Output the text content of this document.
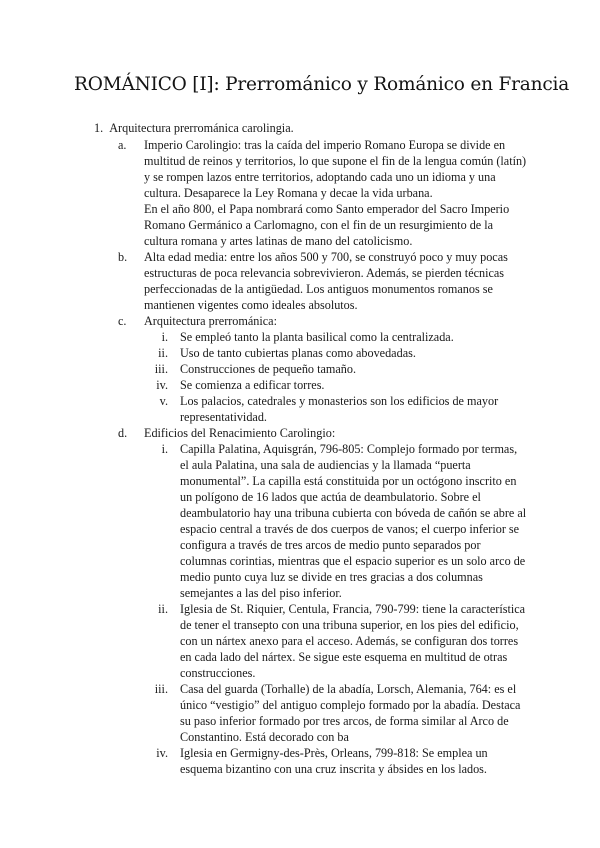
ROMÁNICO [I]: Prerrománico y Románico en Francia
1. Arquitectura prerrománica carolingia.
a. Imperio Carolingio: tras la caída del imperio Romano Europa se divide en multitud de reinos y territorios, lo que supone el fin de la lengua común (latín) y se rompen lazos entre territorios, adoptando cada uno un idioma y una cultura. Desaparece la Ley Romana y decae la vida urbana.

En el año 800, el Papa nombrará como Santo emperador del Sacro Imperio Romano Germánico a Carlomagno, con el fin de un resurgimiento de la cultura romana y artes latinas de mano del catolicismo.

b. Alta edad media: entre los años 500 y 700, se construyó poco y muy pocas estructuras de poca relevancia sobrevivieron. Además, se pierden técnicas perfeccionadas de la antigüedad. Los antiguos monumentos romanos se mantienen vigentes como ideales absolutos.
c. Arquitectura prerrománica:
i. Se empleó tanto la planta basilical como la centralizada.
ii. Uso de tanto cubiertas planas como abovedadas.
iii. Construcciones de pequeño tamaño.
iv. Se comienza a edificar torres.
v. Los palacios, catedrales y monasterios son los edificios de mayor representatividad.
d. Edificios del Renacimiento Carolingio:
i. Capilla Palatina, Aquisgrán, 796-805: Complejo formado por termas, el aula Palatina, una sala de audiencias y la llamada “puerta monumental”. La capilla está constituida por un octógono inscrito en un polígono de 16 lados que actúa de deambulatorio. Sobre el deambulatorio hay una tribuna cubierta con bóveda de cañón se abre al espacio central a través de dos cuerpos de vanos; el cuerpo inferior se configura a través de tres arcos de medio punto separados por columnas corintias, mientras que el espacio superior es un solo arco de medio punto cuya luz se divide en tres gracias a dos columnas semejantes a las del piso inferior.
ii. Iglesia de St. Riquier, Centula, Francia, 790-799: tiene la característica de tener el transepto con una tribuna superior, en los pies del edificio, con un nártex anexo para el acceso. Además, se configuran dos torres en cada lado del nártex. Se sigue este esquema en multitud de otras construcciones.
iii. Casa del guarda (Torhalle) de la abadía, Lorsch, Alemania, 764: es el único “vestigio” del antiguo complejo formado por la abadía. Destaca su paso inferior formado por tres arcos, de forma similar al Arco de Constantino. Está decorado con ba
iv. Iglesia en Germigny-des-Près, Orleans, 799-818: Se emplea un esquema bizantino con una cruz inscrita y ábsides en los lados.
